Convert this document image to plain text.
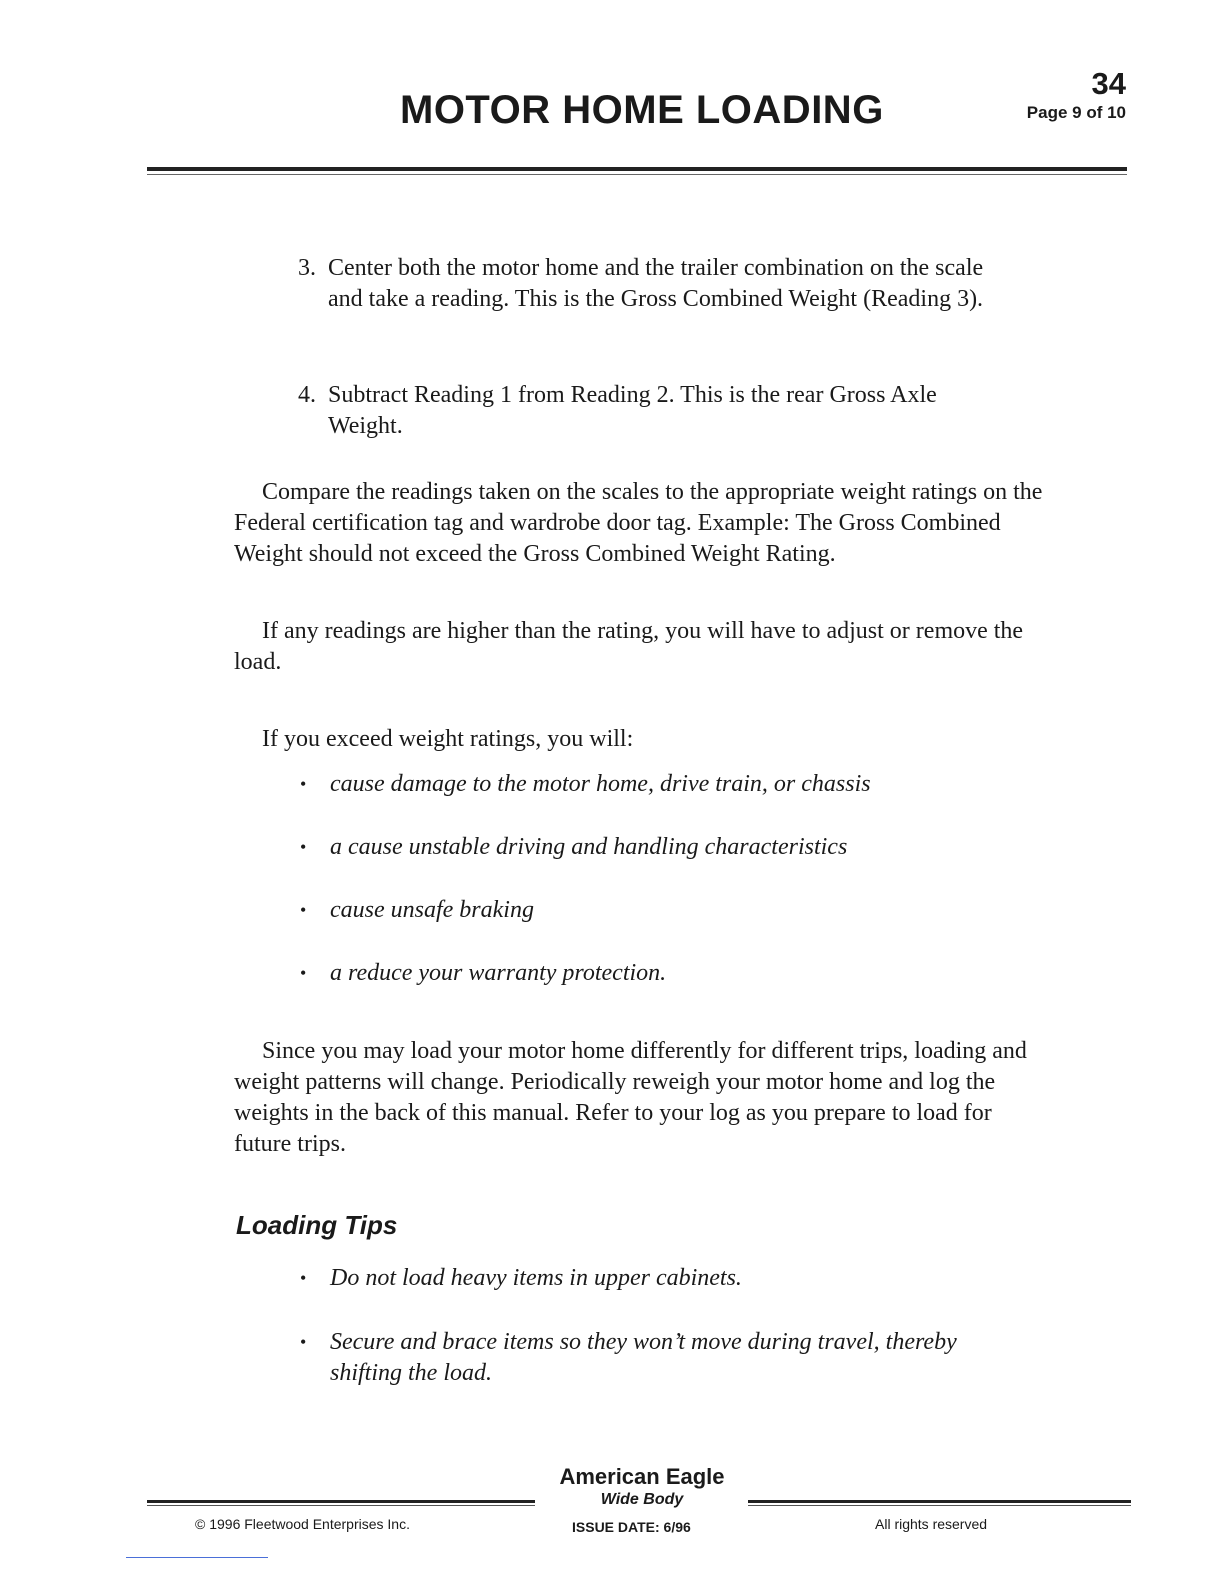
MOTOR HOME LOADING
34
Page 9 of 10
3. Center both the motor home and the trailer combination on the scale and take a reading. This is the Gross Combined Weight (Reading 3).
4. Subtract Reading 1 from Reading 2. This is the rear Gross Axle Weight.
Compare the readings taken on the scales to the appropriate weight ratings on the Federal certification tag and wardrobe door tag. Example: The Gross Combined Weight should not exceed the Gross Combined Weight Rating.
If any readings are higher than the rating, you will have to adjust or remove the load.
If you exceed weight ratings, you will:
• cause damage to the motor home, drive train, or chassis
• a cause unstable driving and handling characteristics
• cause unsafe braking
• a reduce your warranty protection.
Since you may load your motor home differently for different trips, loading and weight patterns will change. Periodically reweigh your motor home and log the weights in the back of this manual. Refer to your log as you prepare to load for future trips.
Loading Tips
• Do not load heavy items in upper cabinets.
• Secure and brace items so they won’t move during travel, thereby shifting the load.
American Eagle
Wide Body
© 1996 Fleetwood Enterprises Inc.	ISSUE DATE: 6/96	All rights reserved
